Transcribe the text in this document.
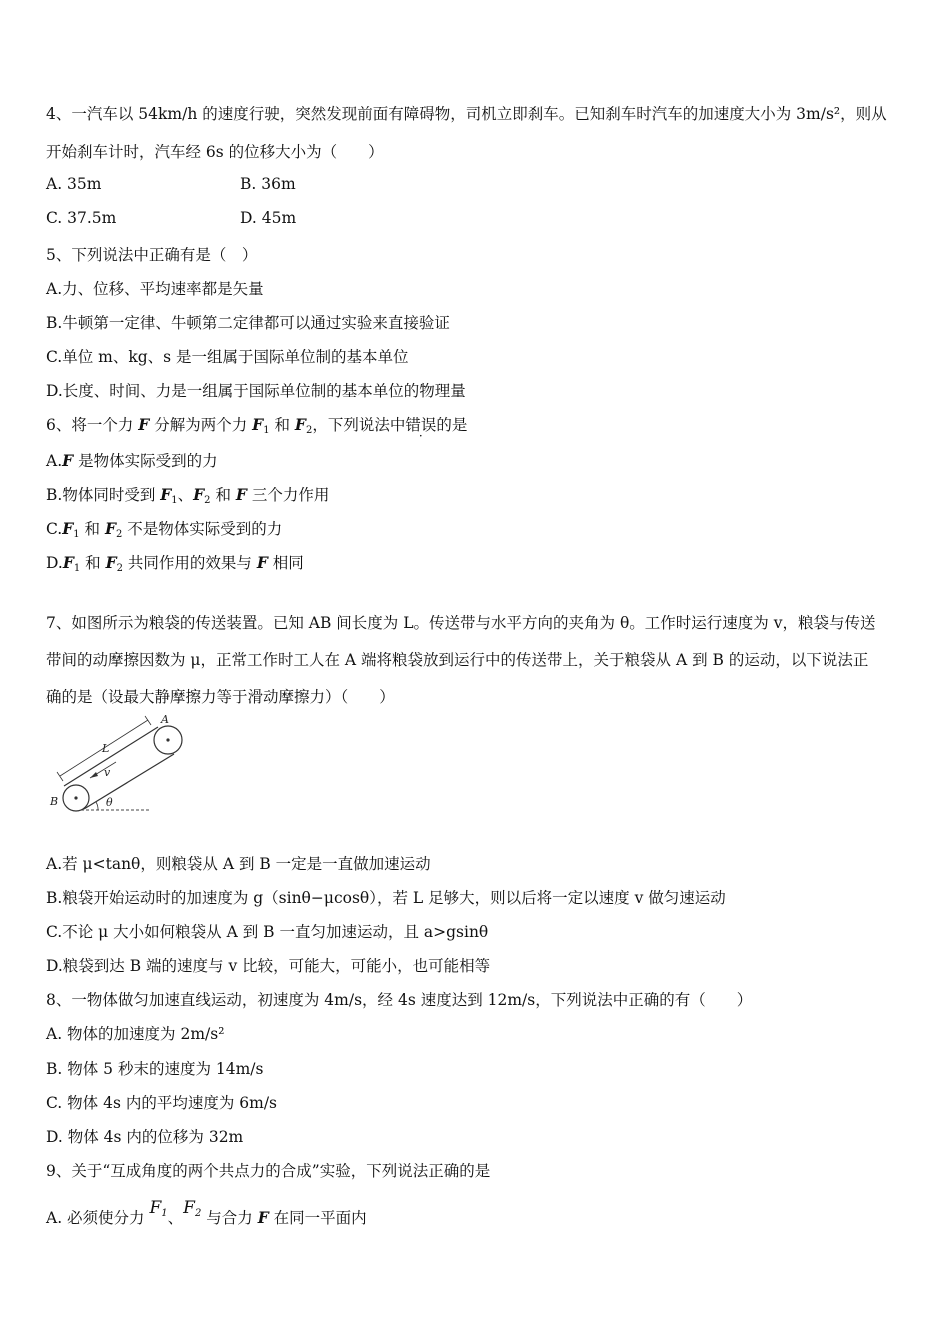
4、一汽车以 54km/h 的速度行驶，突然发现前面有障碍物，司机立即刹车。已知刹车时汽车的加速度大小为 3m/s²，则从
开始刹车计时，汽车经 6s 的位移大小为（　　）
A. 35m	B. 36m
C. 37.5m	D. 45m
5、下列说法中正确有是（　）
A.力、位移、平均速率都是矢量
B.牛顿第一定律、牛顿第二定律都可以通过实验来直接验证
C.单位 m、kg、s 是一组属于国际单位制的基本单位
D.长度、时间、力是一组属于国际单位制的基本单位的物理量
6、将一个力 F 分解为两个力 $F_1$ 和 $F_2$，下列说法中错误的是
A.F 是物体实际受到的力
B.物体同时受到 $F_1$、$F_2$ 和 F 三个力作用
$C.F_1$ 和 $F_2$ 不是物体实际受到的力
$D.F_1$ 和 $F_2$ 共同作用的效果与 F 相同
7、如图所示为粮袋的传送装置。已知 AB 间长度为 L。传送带与水平方向的夹角为 θ。工作时运行速度为 v，粮袋与传送
带间的动摩擦因数为 μ，正常工作时工人在 A 端将粮袋放到运行中的传送带上，关于粮袋从 A 到 B 的运动，以下说法正
确的是（设最大静摩擦力等于滑动摩擦力）（　　）
A
B
L
v
θ
A.若 μ<tanθ，则粮袋从 A 到 B 一定是一直做加速运动
B.粮袋开始运动时的加速度为 g（sinθ−μcosθ），若 L 足够大，则以后将一定以速度 v 做匀速运动
C.不论 μ 大小如何粮袋从 A 到 B 一直匀加速运动，且 a>gsinθ
D.粮袋到达 B 端的速度与 v 比较，可能大，可能小，也可能相等
8、一物体做匀加速直线运动，初速度为 4m/s，经 4s 速度达到 12m/s，下列说法中正确的有（　　）
A. 物体的加速度为 2m/s²
B. 物体 5 秒末的速度为 14m/s
C. 物体 4s 内的平均速度为 6m/s
D. 物体 4s 内的位移为 32m
9、关于“互成角度的两个共点力的合成”实验，下列说法正确的是
A. 必须使分力 $F_1$、$F_2$ 与合力 F 在同一平面内
